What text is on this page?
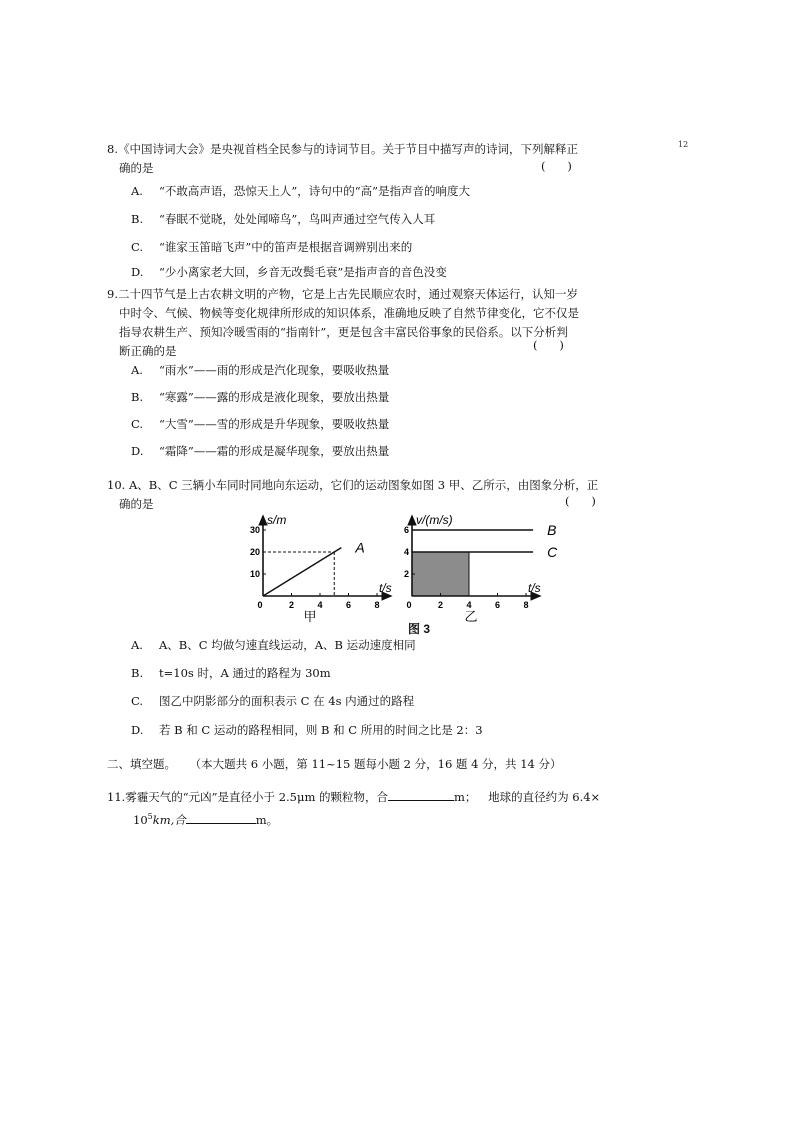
12
8.《中国诗词大会》是央视首档全民参与的诗词节目。关于节目中描写声的诗词，下列解释正
确的是	(      )
A. “不敢高声语，恐惊天上人”，诗句中的“高”是指声音的响度大
B. “春眠不觉晓，处处闻啼鸟”，鸟叫声通过空气传入人耳
C. “谁家玉笛暗飞声”中的笛声是根据音调辨别出来的
D. “少小离家老大回，乡音无改鬓毛衰”是指声音的音色没变
9.二十四节气是上古农耕文明的产物，它是上古先民顺应农时，通过观察天体运行，认知一岁
中时令、气候、物候等变化规律所形成的知识体系，准确地反映了自然节律变化，它不仅是
指导农耕生产、预知冷暖雪雨的“指南针”，更是包含丰富民俗事象的民俗系。以下分析判
断正确的是	(      )
A. “雨水”——雨的形成是汽化现象，要吸收热量
B. “寒露”——露的形成是液化现象，要放出热量
C. “大雪”——雪的形成是升华现象，要吸收热量
D. “霜降”——霜的形成是凝华现象，要放出热量
10. A、B、C 三辆小车同时同地向东运动，它们的运动图象如图 3 甲、乙所示，由图象分析，正
确的是	(      )
s/m
t/s
0	2	4	6	8
10
20
30
A
v/(m/s)
t/s
0	2	4	6	8
2
4
6	B
C
甲	乙
图 3
A. A、B、C 均做匀速直线运动，A、B 运动速度相同
B. t=10s 时，A 通过的路程为 30m
C. 图乙中阴影部分的面积表示 C 在 4s 内通过的路程
D. 若 B 和 C 运动的路程相同，则 B 和 C 所用的时间之比是 2：3
二、填空题。 （本大题共 6 小题，第 11~15 题每小题 2 分，16 题 4 分，共 14 分）
11.雾霾天气的“元凶”是直径小于 2.5μm 的颗粒物，合	m； 地球的直径约为 6.4×
$10^5km$,合	m。
